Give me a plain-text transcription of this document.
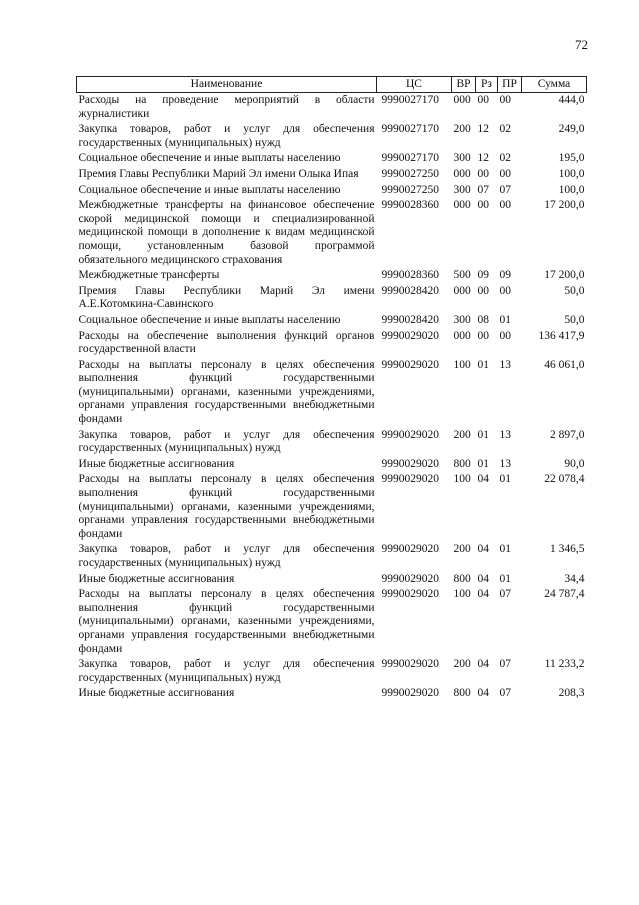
72
Наименование	ЦС	ВР	Рз	ПР	Сумма
Расходы на проведение мероприятий в области журналистики	9990027170	000	00	00	444,0
Закупка товаров, работ и услуг для обеспечения государственных (муниципальных) нужд	9990027170	200	12	02	249,0
Социальное обеспечение и иные выплаты населению	9990027170	300	12	02	195,0
Премия Главы Республики Марий Эл имени Олыка Ипая	9990027250	000	00	00	100,0
Социальное обеспечение и иные выплаты населению	9990027250	300	07	07	100,0
Межбюджетные трансферты на финансовое обеспечение скорой медицинской помощи и специализированной медицинской помощи в дополнение к видам медицинской помощи, установленным базовой программой обязательного медицинского страхования	9990028360	000	00	00	17 200,0
Межбюджетные трансферты	9990028360	500	09	09	17 200,0
Премия Главы Республики Марий Эл имени А.Е.Котомкина-Савинского	9990028420	000	00	00	50,0
Социальное обеспечение и иные выплаты населению	9990028420	300	08	01	50,0
Расходы на обеспечение выполнения функций органов государственной власти	9990029020	000	00	00	136 417,9
Расходы на выплаты персоналу в целях обеспечения выполнения функций государственными (муниципальными) органами, казенными учреждениями, органами управления государственными внебюджетными фондами	9990029020	100	01	13	46 061,0
Закупка товаров, работ и услуг для обеспечения государственных (муниципальных) нужд	9990029020	200	01	13	2 897,0
Иные бюджетные ассигнования	9990029020	800	01	13	90,0
Расходы на выплаты персоналу в целях обеспечения выполнения функций государственными (муниципальными) органами, казенными учреждениями, органами управления государственными внебюджетными фондами	9990029020	100	04	01	22 078,4
Закупка товаров, работ и услуг для обеспечения государственных (муниципальных) нужд	9990029020	200	04	01	1 346,5
Иные бюджетные ассигнования	9990029020	800	04	01	34,4
Расходы на выплаты персоналу в целях обеспечения выполнения функций государственными (муниципальными) органами, казенными учреждениями, органами управления государственными внебюджетными фондами	9990029020	100	04	07	24 787,4
Закупка товаров, работ и услуг для обеспечения государственных (муниципальных) нужд	9990029020	200	04	07	11 233,2
Иные бюджетные ассигнования	9990029020	800	04	07	208,3
